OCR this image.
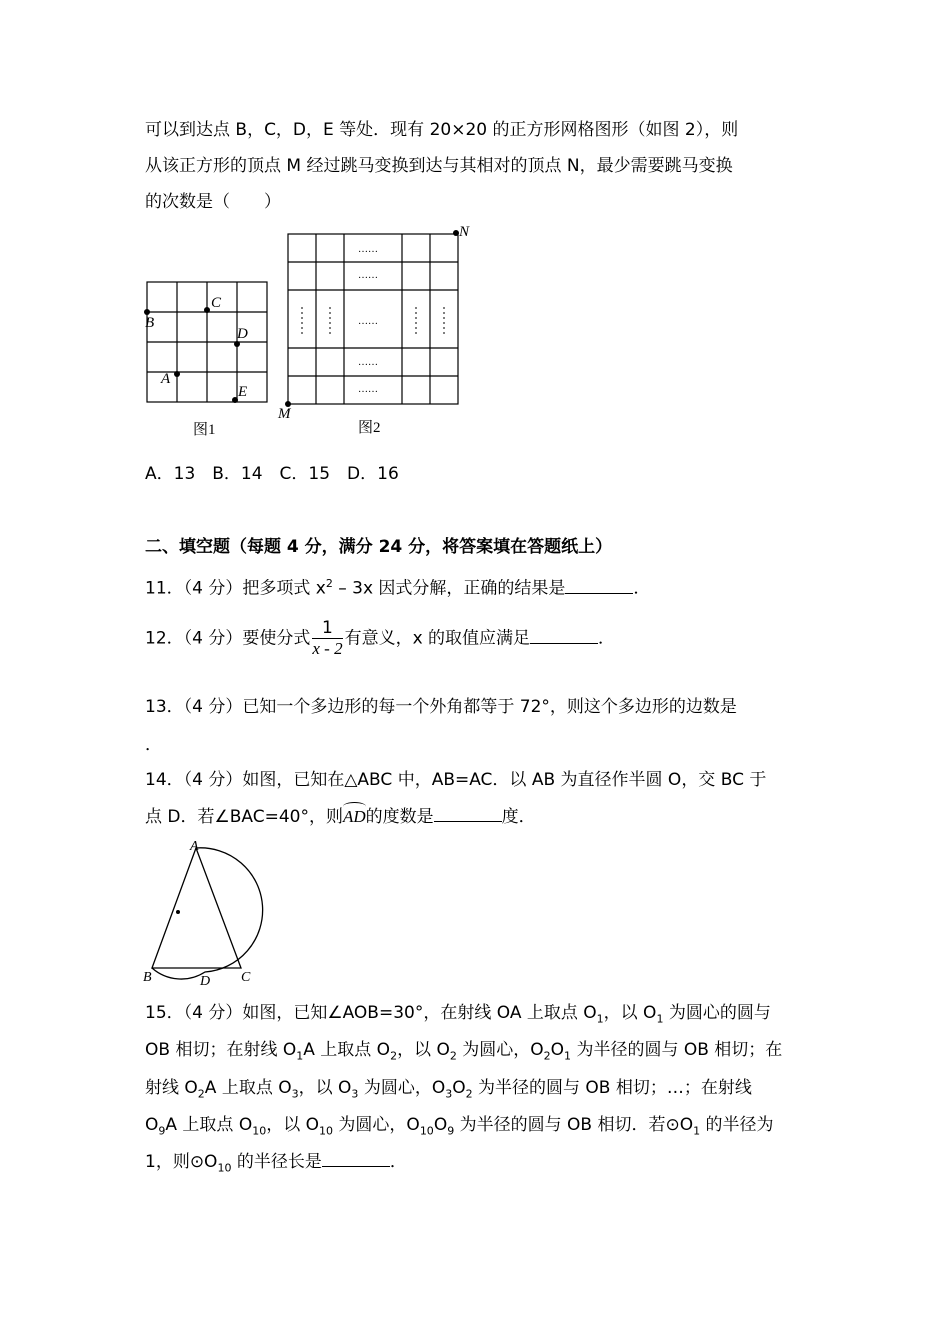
可以到达点 B，C，D，E 等处．现有 20×20 的正方形网格图形（如图 2），则
从该正方形的顶点 M 经过跳马变换到达与其相对的顶点 N，最少需要跳马变换
的次数是（　　）
B
C
D
A
E
图1
……
……
……
……
……
M
N
图2
A．13　B．14　C．15　D．16
二、填空题（每题 4 分，满分 24 分，将答案填在答题纸上）
11．（4 分）把多项式 $x^2 - 3x$ 因式分解，正确的结果是	．
12．（4 分）要使分式 $\frac{1}{x - 2}$ 有意义，x 的取值应满足	．
13．（4 分）已知一个多边形的每一个外角都等于 72°，则这个多边形的边数是
．
14．（4 分）如图，已知在△ABC 中，AB=AC．以 AB 为直径作半圆 O，交 BC 于
点 D．若∠BAC=40°，则AD的度数是	度．
A
B	C
D
15．（4 分）如图，已知∠AOB=30°，在射线 OA 上取点 $O_1$，以 $O_1$ 为圆心的圆与
OB 相切；在射线 $O_1A$ 上取点 $O_2$，以 $O_2$ 为圆心，$O_2O_1$ 为半径的圆与 OB 相切；在
射线 $O_2A$ 上取点 $O_3$，以 $O_3$ 为圆心，$O_3O_2$ 为半径的圆与 OB 相切；…；在射线
$O_9A$ 上取点 $O_{10}$，以 $O_{10}$ 为圆心，$O_{10}O_9$ 为半径的圆与 OB 相切．若$⊙O_1$ 的半径为
1，则$⊙O_{10}$ 的半径长是	．
